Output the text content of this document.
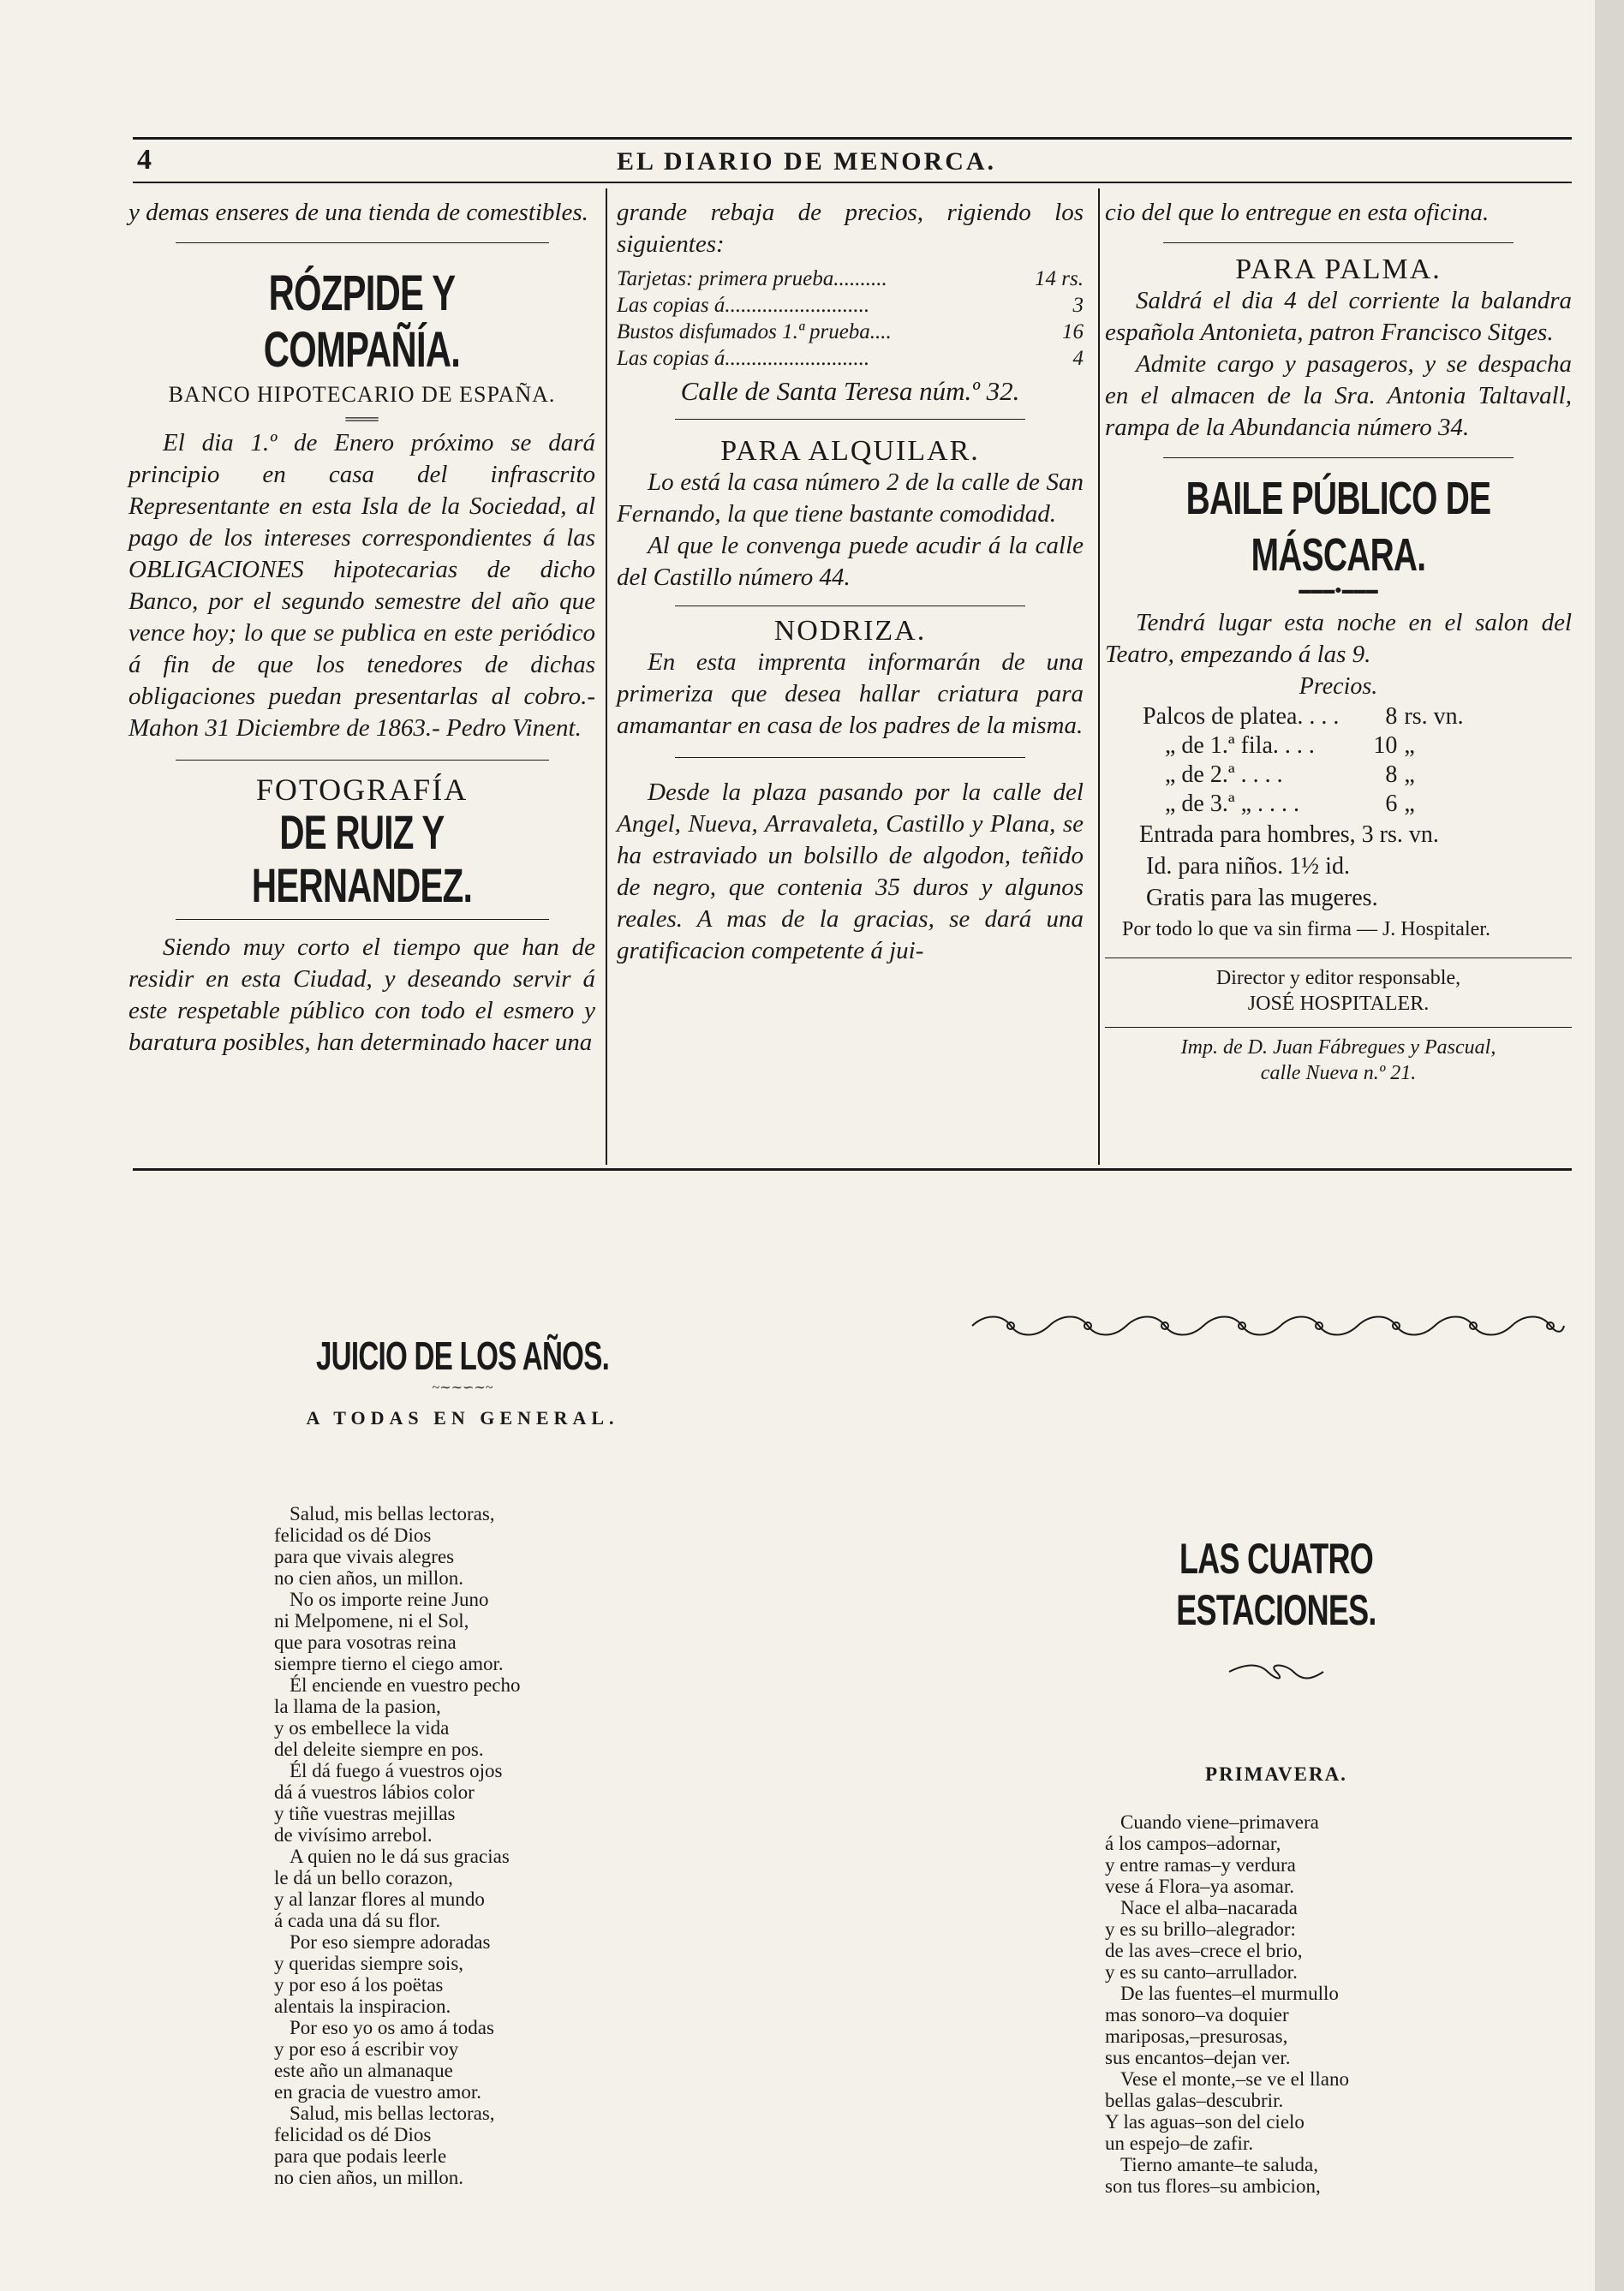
4	EL DIARIO DE MENORCA.

y demas enseres de una tienda de comestibles.

RÓZPIDE Y COMPAÑÍA.
BANCO HIPOTECARIO DE ESPAÑA.
═══

El dia 1.º de Enero próximo se dará principio en casa del infrascrito Representante en esta Isla de la Sociedad, al pago de los intereses correspondientes á las OBLIGACIONES hipotecarias de dicho Banco, por el segundo semestre del año que vence hoy; lo que se publica en este periódico á fin de que los tenedores de dichas obligaciones puedan presentarlas al cobro.-Mahon 31 Diciembre de 1863.- Pedro Vinent.

FOTOGRAFÍA
DE RUIZ Y HERNANDEZ.

Siendo muy corto el tiempo que han de residir en esta Ciudad, y deseando servir á este respetable público con todo el esmero y baratura posibles, han determinado hacer una

grande rebaja de precios, rigiendo los siguientes:

Tarjetas: primera prueba..........	14 rs.
Las copias á...........................	3
Bustos disfumados 1.ª prueba....	16
Las copias á...........................	4

Calle de Santa Teresa núm.º 32.

PARA ALQUILAR.

Lo está la casa número 2 de la calle de San Fernando, la que tiene bastante comodidad.

Al que le convenga puede acudir á la calle del Castillo número 44.

NODRIZA.

En esta imprenta informarán de una primeriza que desea hallar criatura para amamantar en casa de los padres de la misma.

Desde la plaza pasando por la calle del Angel, Nueva, Arravaleta, Castillo y Plana, se ha estraviado un bolsillo de algodon, teñido de negro, que contenia 35 duros y algunos reales. A mas de la gracias, se dará una gratificacion competente á jui-

cio del que lo entregue en esta oficina.

PARA PALMA.

Saldrá el dia 4 del corriente la balandra española Antonieta, patron Francisco Sitges.

Admite cargo y pasageros, y se despacha en el almacen de la Sra. Antonia Taltavall, rampa de la Abundancia número 34.

BAILE PÚBLICO DE MÁSCARA.
▬▬▬●▬▬▬

Tendrá lugar esta noche en el salon del Teatro, empezando á las 9.

Precios.

Palcos de platea. . . .	8	rs. vn.
„ de 1.ª fila. . . .	10	„
„ de 2.ª . . . .	8	„
„ de 3.ª „ . . . .	6	„

Entrada para hombres, 3 rs. vn.

Id. para niños. 1½ id.

Gratis para las mugeres.

Por todo lo que va sin firma — J. Hospitaler.

Director y editor responsable,

JOSÉ HOSPITALER.

Imp. de D. Juan Fábregues y Pascual,

calle Nueva n.º 21.

JUICIO DE LOS AÑOS.
~∼∼∽∼~
A TODAS EN GENERAL.
Salud, mis bellas lectoras,
felicidad os dé Dios
para que vivais alegres
no cien años, un millon.
No os importe reine Juno
ni Melpomene, ni el Sol,
que para vosotras reina
siempre tierno el ciego amor.
Él enciende en vuestro pecho
la llama de la pasion,
y os embellece la vida
del deleite siempre en pos.
Él dá fuego á vuestros ojos
dá á vuestros lábios color
y tiñe vuestras mejillas
de vivísimo arrebol.
A quien no le dá sus gracias
le dá un bello corazon,
y al lanzar flores al mundo
á cada una dá su flor.
Por eso siempre adoradas
y queridas siempre sois,
y por eso á los poëtas
alentais la inspiracion.
Por eso yo os amo á todas
y por eso á escribir voy
este año un almanaque
en gracia de vuestro amor.
Salud, mis bellas lectoras,
felicidad os dé Dios
para que podais leerle
no cien años, un millon.
LAS CUATRO ESTACIONES.
PRIMAVERA.
Cuando viene–primavera
á los campos–adornar,
y entre ramas–y verdura
vese á Flora–ya asomar.
Nace el alba–nacarada
y es su brillo–alegrador:
de las aves–crece el brio,
y es su canto–arrullador.
De las fuentes–el murmullo
mas sonoro–va doquier
mariposas,–presurosas,
sus encantos–dejan ver.
Vese el monte,–se ve el llano
bellas galas–descubrir.
Y las aguas–son del cielo
un espejo–de zafir.
Tierno amante–te saluda,
son tus flores–su ambicion,
